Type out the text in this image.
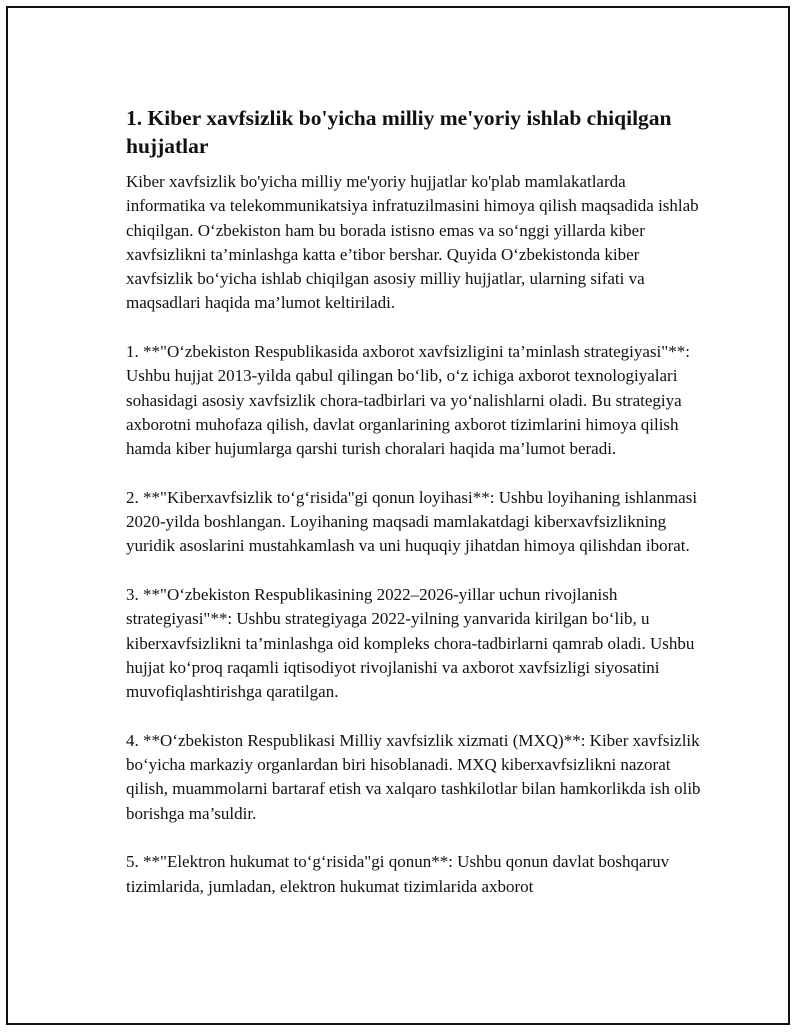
1. Kiber xavfsizlik bo'yicha milliy me'yoriy ishlab chiqilgan hujjatlar

Kiber xavfsizlik bo'yicha milliy me'yoriy hujjatlar ko'plab mamlakatlarda informatika va telekommunikatsiya infratuzilmasini himoya qilish maqsadida ishlab chiqilgan. O‘zbekiston ham bu borada istisno emas va so‘nggi yillarda kiber xavfsizlikni ta’minlashga katta e’tibor bershar. Quyida O‘zbekistonda kiber xavfsizlik bo‘yicha ishlab chiqilgan asosiy milliy hujjatlar, ularning sifati va maqsadlari haqida ma’lumot keltiriladi.

1. **"O‘zbekiston Respublikasida axborot xavfsizligini ta’minlash strategiyasi"**: Ushbu hujjat 2013-yilda qabul qilingan bo‘lib, o‘z ichiga axborot texnologiyalari sohasidagi asosiy xavfsizlik chora-tadbirlari va yo‘nalishlarni oladi. Bu strategiya axborotni muhofaza qilish, davlat organlarining axborot tizimlarini himoya qilish hamda kiber hujumlarga qarshi turish choralari haqida ma’lumot beradi.

2. **"Kiberxavfsizlik to‘g‘risida"gi qonun loyihasi**: Ushbu loyihaning ishlanmasi 2020-yilda boshlangan. Loyihaning maqsadi mamlakatdagi kiberxavfsizlikning yuridik asoslarini mustahkamlash va uni huquqiy jihatdan himoya qilishdan iborat.

3. **"O‘zbekiston Respublikasining 2022–2026-yillar uchun rivojlanish strategiyasi"**: Ushbu strategiyaga 2022-yilning yanvarida kirilgan bo‘lib, u kiberxavfsizlikni ta’minlashga oid kompleks chora-tadbirlarni qamrab oladi. Ushbu hujjat ko‘proq raqamli iqtisodiyot rivojlanishi va axborot xavfsizligi siyosatini muvofiqlashtirishga qaratilgan.

4. **O‘zbekiston Respublikasi Milliy xavfsizlik xizmati (MXQ)**: Kiber xavfsizlik bo‘yicha markaziy organlardan biri hisoblanadi. MXQ kiberxavfsizlikni nazorat qilish, muammolarni bartaraf etish va xalqaro tashkilotlar bilan hamkorlikda ish olib borishga ma’suldir.

5. **"Elektron hukumat to‘g‘risida"gi qonun**: Ushbu qonun davlat boshqaruv tizimlarida, jumladan, elektron hukumat tizimlarida axborot
